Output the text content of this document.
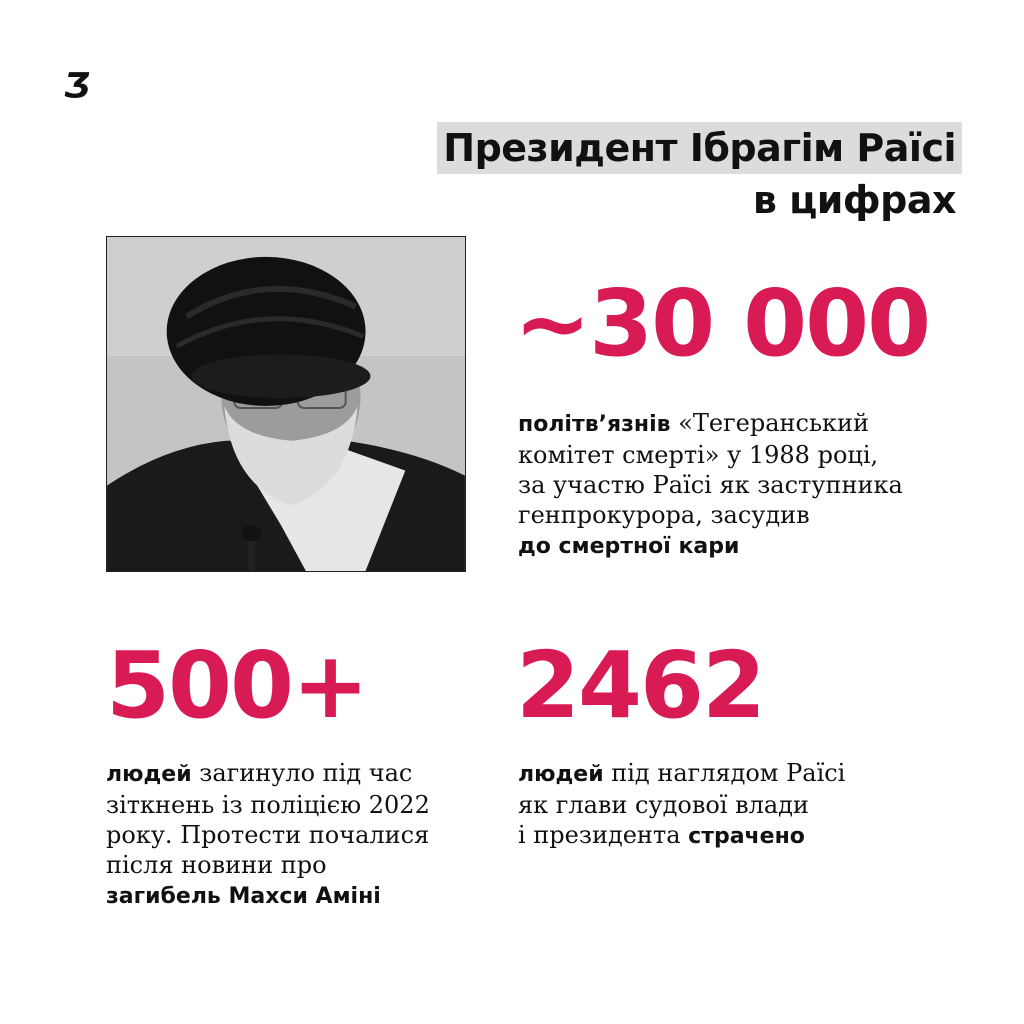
Ʒ
Президент Ібрагім Раїсі
в цифрах
~30 000
політв’язнів «Тегеранський
комітет смерті» у 1988 році,
за участю Раїсі як заступника
генпрокурора, засудив
до смертної кари
500+
людей загинуло під час
зіткнень із поліцією 2022
року. Протести почалися
після новини про
загибель Махси Аміні
2462
людей під наглядом Раїсі
як глави судової влади
і президента страчено
